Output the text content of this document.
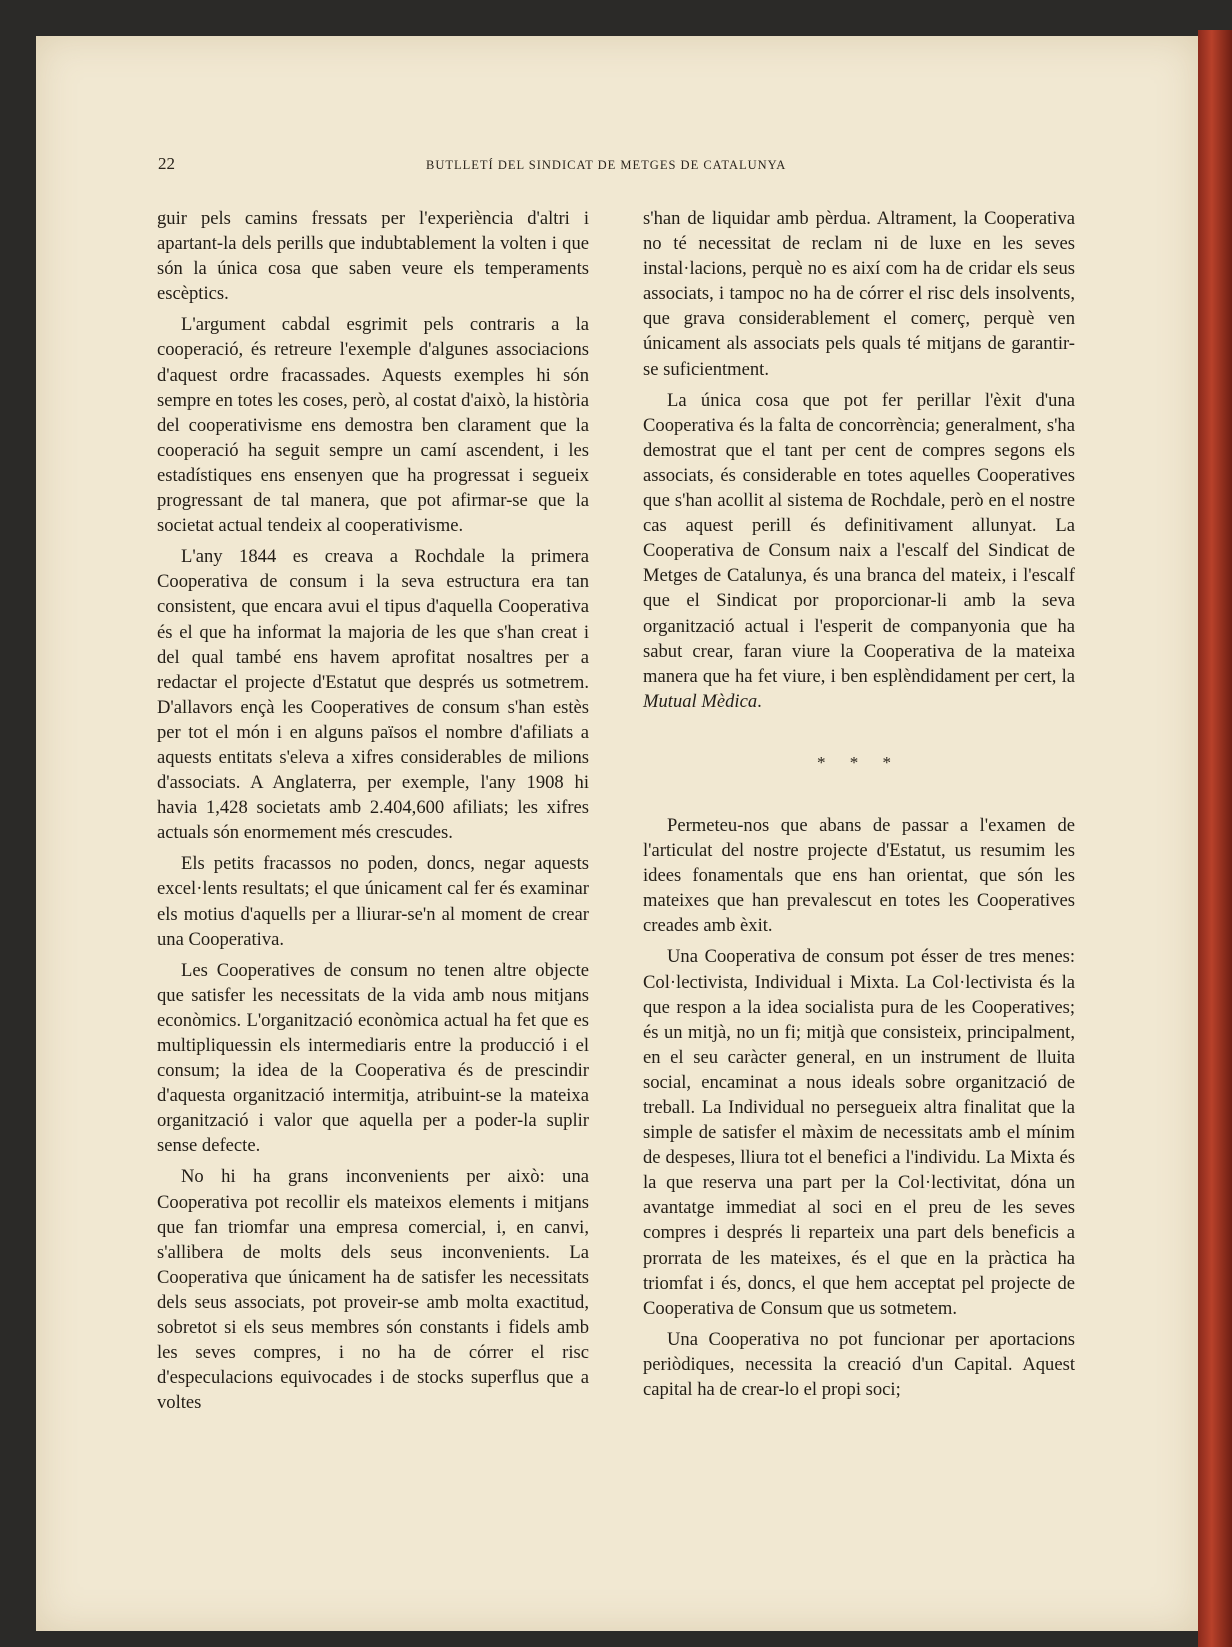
22	BUTLLETÍ DEL SINDICAT DE METGES DE CATALUNYA

guir pels camins fressats per l'experiència d'altri i apartant-la dels perills que indubtablement la volten i que són la única cosa que saben veure els temperaments escèptics.

L'argument cabdal esgrimit pels contraris a la cooperació, és retreure l'exemple d'algunes associacions d'aquest ordre fracassades. Aquests exemples hi són sempre en totes les coses, però, al costat d'això, la història del cooperativisme ens demostra ben clarament que la cooperació ha seguit sempre un camí ascendent, i les estadístiques ens ensenyen que ha progressat i segueix progressant de tal manera, que pot afirmar-se que la societat actual tendeix al cooperativisme.

L'any 1844 es creava a Rochdale la primera Cooperativa de consum i la seva estructura era tan consistent, que encara avui el tipus d'aquella Cooperativa és el que ha informat la majoria de les que s'han creat i del qual també ens havem aprofitat nosaltres per a redactar el projecte d'Estatut que després us sotmetrem. D'allavors ençà les Cooperatives de consum s'han estès per tot el món i en alguns països el nombre d'afiliats a aquests entitats s'eleva a xifres considerables de milions d'associats. A Anglaterra, per exemple, l'any 1908 hi havia 1,428 societats amb 2.404,600 afiliats; les xifres actuals són enormement més crescudes.

Els petits fracassos no poden, doncs, negar aquests excel·lents resultats; el que únicament cal fer és examinar els motius d'aquells per a lliurar-se'n al moment de crear una Cooperativa.

Les Cooperatives de consum no tenen altre objecte que satisfer les necessitats de la vida amb nous mitjans econòmics. L'organització econòmica actual ha fet que es multipliquessin els intermediaris entre la producció i el consum; la idea de la Cooperativa és de prescindir d'aquesta organització intermitja, atribuint-se la mateixa organització i valor que aquella per a poder-la suplir sense defecte.

No hi ha grans inconvenients per això: una Cooperativa pot recollir els mateixos elements i mitjans que fan triomfar una empresa comercial, i, en canvi, s'allibera de molts dels seus inconvenients. La Cooperativa que únicament ha de satisfer les necessitats dels seus associats, pot proveir-se amb molta exactitud, sobretot si els seus membres són constants i fidels amb les seves compres, i no ha de córrer el risc d'especulacions equivocades i de stocks superflus que a voltes

s'han de liquidar amb pèrdua. Altrament, la Cooperativa no té necessitat de reclam ni de luxe en les seves instal·lacions, perquè no es així com ha de cridar els seus associats, i tampoc no ha de córrer el risc dels insolvents, que grava considerablement el comerç, perquè ven únicament als associats pels quals té mitjans de garantir-se suficientment.

La única cosa que pot fer perillar l'èxit d'una Cooperativa és la falta de concorrència; generalment, s'ha demostrat que el tant per cent de compres segons els associats, és considerable en totes aquelles Cooperatives que s'han acollit al sistema de Rochdale, però en el nostre cas aquest perill és definitivament allunyat. La Cooperativa de Consum naix a l'escalf del Sindicat de Metges de Catalunya, és una branca del mateix, i l'escalf que el Sindicat por proporcionar-li amb la seva organització actual i l'esperit de companyonia que ha sabut crear, faran viure la Cooperativa de la mateixa manera que ha fet viure, i ben esplèndidament per cert, la Mutual Mèdica.

* * *

Permeteu-nos que abans de passar a l'examen de l'articulat del nostre projecte d'Estatut, us resumim les idees fonamentals que ens han orientat, que són les mateixes que han prevalescut en totes les Cooperatives creades amb èxit.

Una Cooperativa de consum pot ésser de tres menes: Col·lectivista, Individual i Mixta. La Col·lectivista és la que respon a la idea socialista pura de les Cooperatives; és un mitjà, no un fi; mitjà que consisteix, principalment, en el seu caràcter general, en un instrument de lluita social, encaminat a nous ideals sobre organització de treball. La Individual no persegueix altra finalitat que la simple de satisfer el màxim de necessitats amb el mínim de despeses, lliura tot el benefici a l'individu. La Mixta és la que reserva una part per la Col·lectivitat, dóna un avantatge immediat al soci en el preu de les seves compres i després li reparteix una part dels beneficis a prorrata de les mateixes, és el que en la pràctica ha triomfat i és, doncs, el que hem acceptat pel projecte de Cooperativa de Consum que us sotmetem.

Una Cooperativa no pot funcionar per aportacions periòdiques, necessita la creació d'un Capital. Aquest capital ha de crear-lo el propi soci;
